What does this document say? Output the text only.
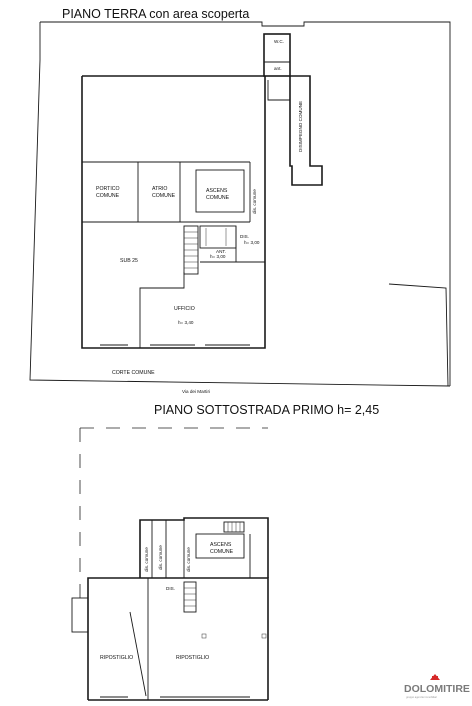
PIANO TERRA con area scoperta
W.C.
ant.
DISIMPEGNO COMUNE
PORTICO
COMUNE
ATRIO
COMUNE
ASCENS
COMUNE	dis. comune
DIS.
h= 3,00
ANT.
h= 3,00
SUB 25
UFFICIO
h= 3,40
CORTE COMUNE
Via dei Martiri
PIANO SOTTOSTRADA PRIMO h= 2,45
ASCENS
COMUNE
dis. comune dis. comune	dis. comune
DIS.
RIPOSTIGLIO	RIPOSTIGLIO
DOLOMITIRE
gruppo agenzie immobiliari
